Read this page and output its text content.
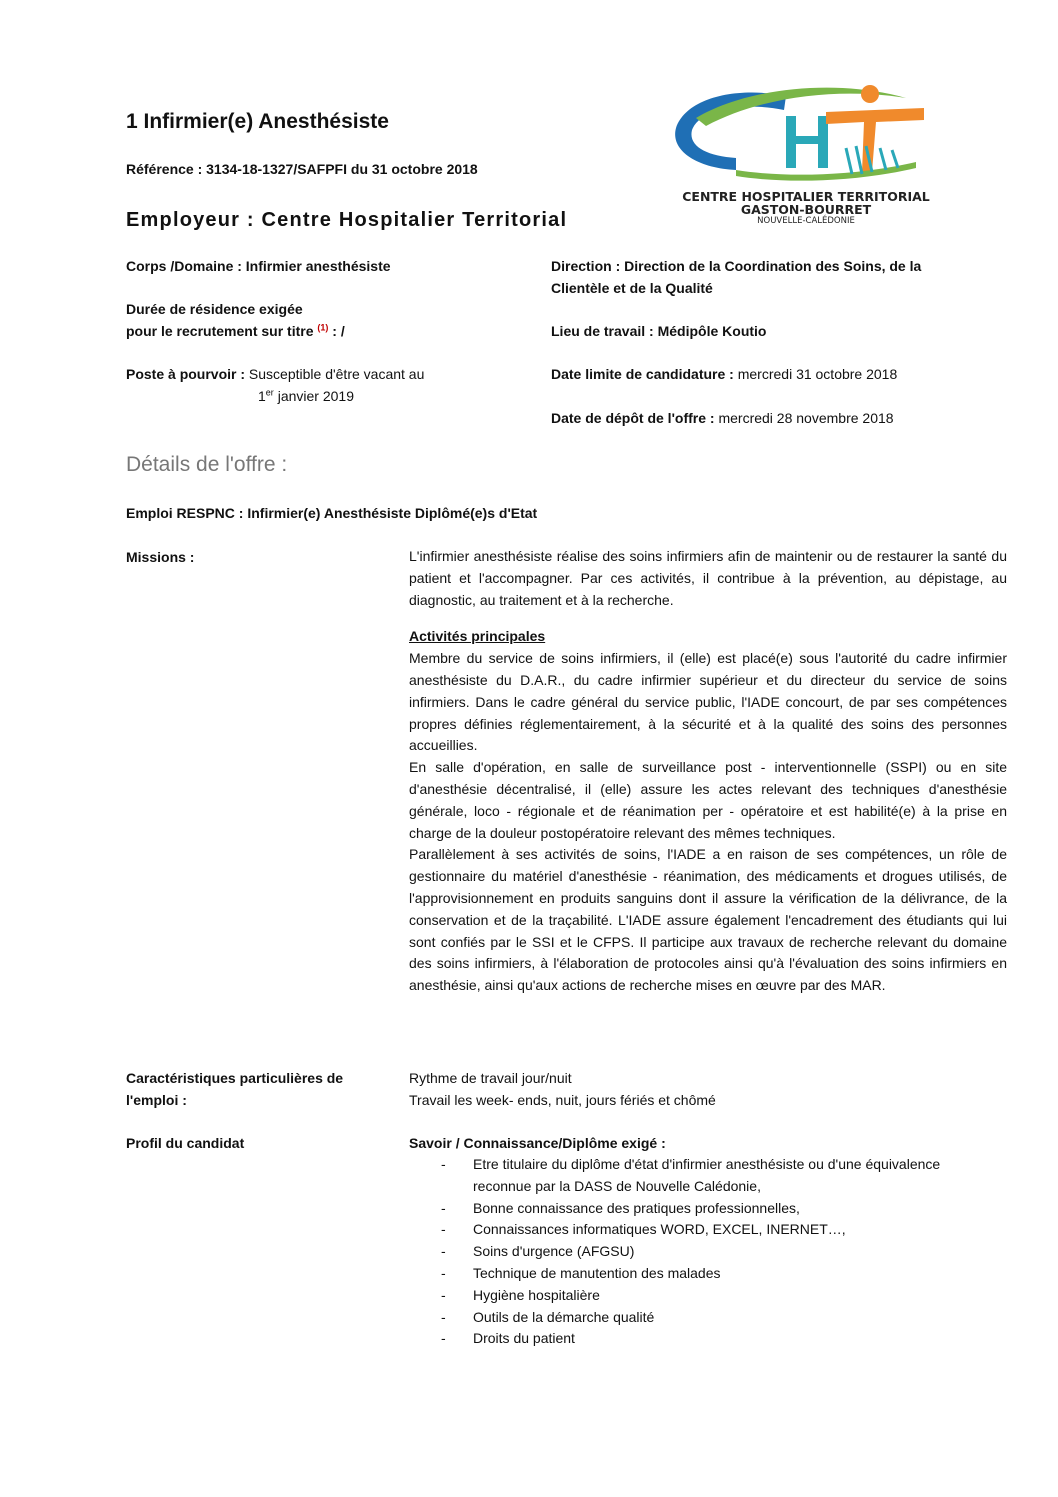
1 Infirmier(e) Anesthésiste
Référence : 3134-18-1327/SAFPFI du 31 octobre 2018
Employeur : Centre Hospitalier Territorial
CENTRE HOSPITALIER TERRITORIAL
GASTON-BOURRET
NOUVELLE-CALÉDONIE
Corps /Domaine : Infirmier anesthésiste
Durée de résidence exigée
pour le recrutement sur titre $^{(1)}$ : /
Poste à pourvoir : Susceptible d'être vacant au
1er janvier 2019
Direction : Direction de la Coordination des Soins, de la
Clientèle et de la Qualité
Lieu de travail : Médipôle Koutio
Date limite de candidature : mercredi 31 octobre 2018
Date de dépôt de l'offre : mercredi 28 novembre 2018
Détails de l'offre :
Emploi RESPNC : Infirmier(e) Anesthésiste Diplômé(e)s d'Etat
Missions :	L'infirmier anesthésiste réalise des soins infirmiers afin de maintenir ou de restaurer la santé du patient et l'accompagner. Par ces activités, il contribue à la prévention, au dépistage, au diagnostic, au traitement et à la recherche.
Activités principales
Membre du service de soins infirmiers, il (elle) est placé(e) sous l'autorité du cadre infirmier anesthésiste du D.A.R., du cadre infirmier supérieur et du directeur du service de soins infirmiers. Dans le cadre général du service public, l'IADE concourt, de par ses compétences propres définies réglementairement, à la sécurité et à la qualité des soins des personnes accueillies.
En salle d'opération, en salle de surveillance post - interventionnelle (SSPI) ou en site d'anesthésie décentralisé, il (elle) assure les actes relevant des techniques d'anesthésie générale, loco - régionale et de réanimation per - opératoire et est habilité(e) à la prise en charge de la douleur postopératoire relevant des mêmes techniques.
Parallèlement à ses activités de soins, l'IADE a en raison de ses compétences, un rôle de gestionnaire du matériel d'anesthésie - réanimation, des médicaments et drogues utilisés, de l'approvisionnement en produits sanguins dont il assure la vérification de la délivrance, de la conservation et de la traçabilité. L'IADE assure également l'encadrement des étudiants qui lui sont confiés par le SSI et le CFPS. Il participe aux travaux de recherche relevant du domaine des soins infirmiers, à l'élaboration de protocoles ainsi qu'à l'évaluation des soins infirmiers en anesthésie, ainsi qu'aux actions de recherche mises en œuvre par des MAR.
Caractéristiques particulières de
l'emploi :
Rythme de travail jour/nuit
Travail les week- ends, nuit, jours fériés et chômé
Profil du candidat	Savoir / Connaissance/Diplôme exigé :
- Etre titulaire du diplôme d'état d'infirmier anesthésiste ou d'une équivalence reconnue par la DASS de Nouvelle Calédonie,
- Bonne connaissance des pratiques professionnelles,
- Connaissances informatiques WORD, EXCEL, INERNET…,
- Soins d'urgence (AFGSU)
- Technique de manutention des malades
- Hygiène hospitalière
- Outils de la démarche qualité
- Droits du patient
